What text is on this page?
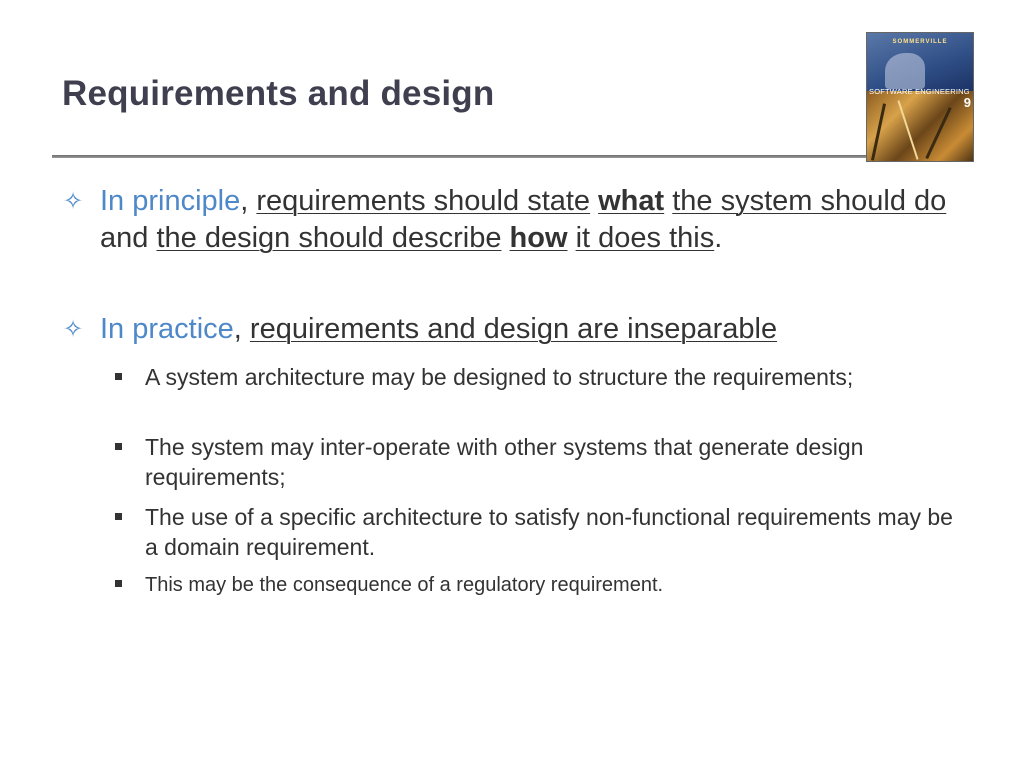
Requirements and design
SOMMERVILLE
SOFTWARE ENGINEERING
9
✧ In principle, requirements should state what the system should do and the design should describe how it does this.
✧ In practice, requirements and design are inseparable
A system architecture may be designed to structure the requirements;
The system may inter-operate with other systems that generate design requirements;
The use of a specific architecture to satisfy non-functional requirements may be a domain requirement.
This may be the consequence of a regulatory requirement.
